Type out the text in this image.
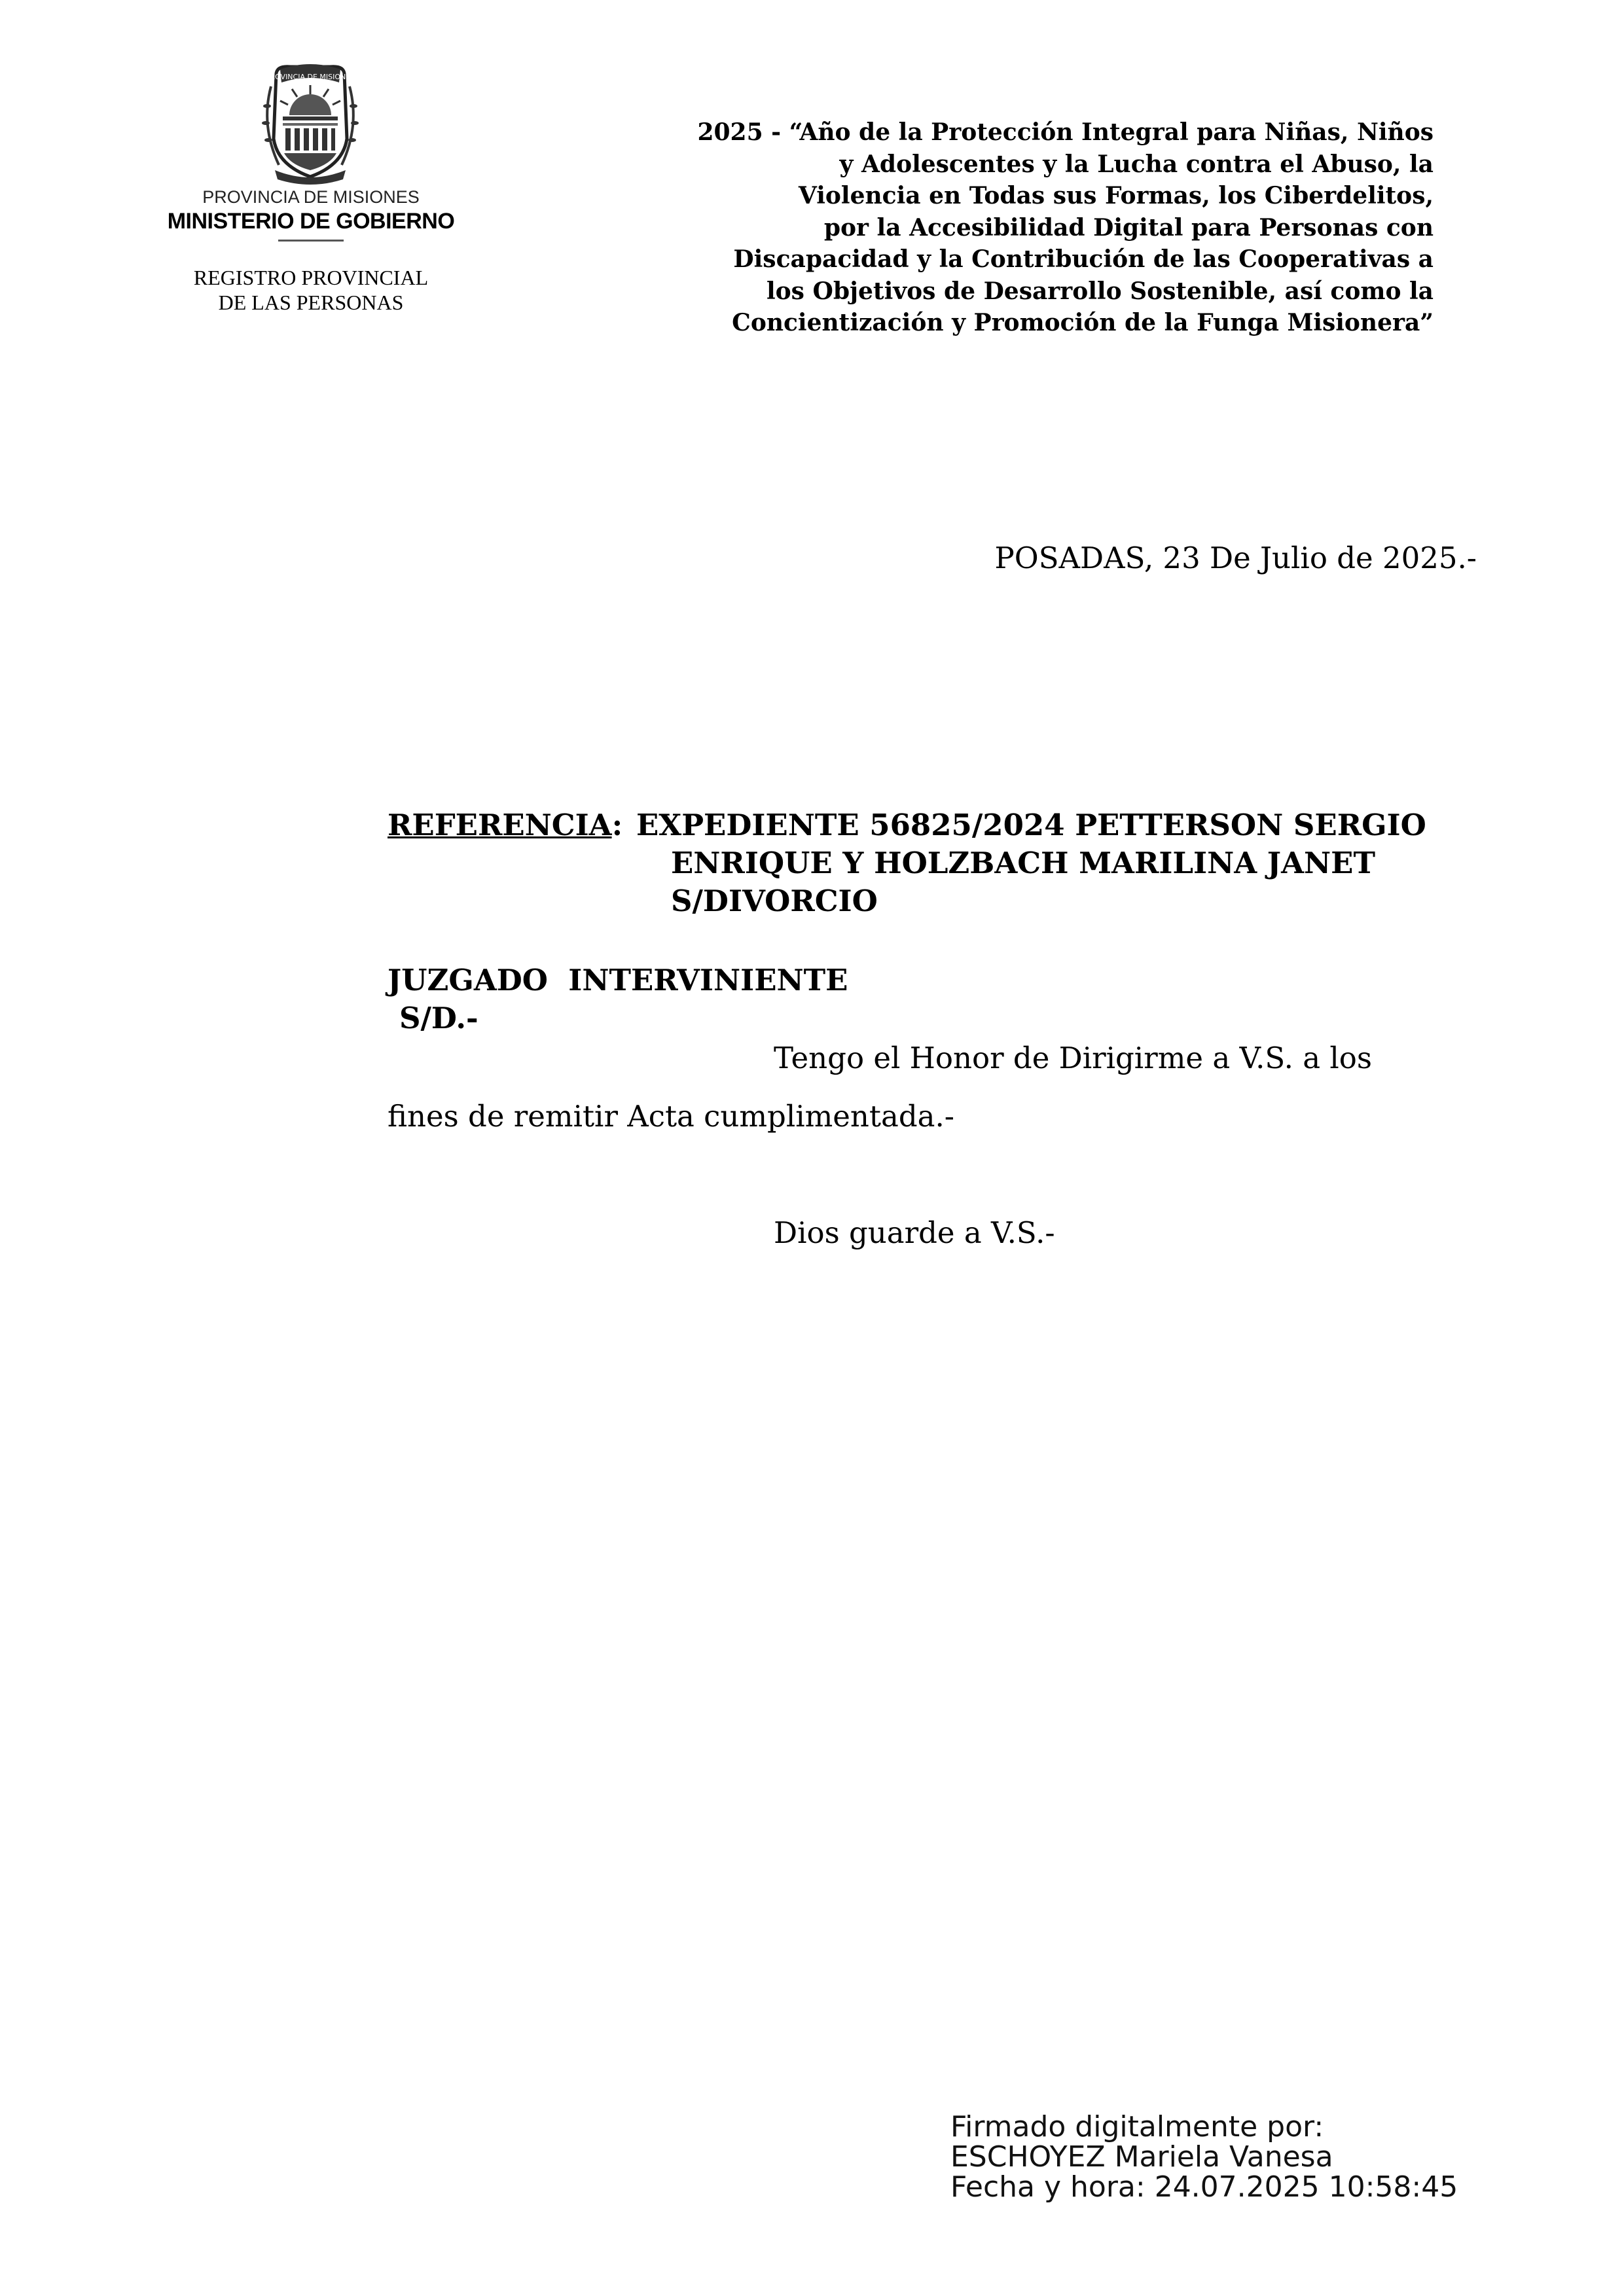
PROVINCIA DE MISIONES
PROVINCIA DE MISIONES
MINISTERIO DE GOBIERNO
REGISTRO PROVINCIAL
DE LAS PERSONAS
2025 - “Año de la Protección Integral para Niñas, Niños
y Adolescentes y la Lucha contra el Abuso, la
Violencia en Todas sus Formas, los Ciberdelitos,
por la Accesibilidad Digital para Personas con
Discapacidad y la Contribución de las Cooperativas a
los Objetivos de Desarrollo Sostenible, así como la
Concientización y Promoción de la Funga Misionera”
POSADAS, 23 De Julio de 2025.-
REFERENCIA: EXPEDIENTE 56825/2024 PETTERSON SERGIO
ENRIQUE Y HOLZBACH MARILINA JANET
S/DIVORCIO
JUZGADO  INTERVINIENTE
S/D.-
Tengo el Honor de Dirigirme a V.S. a los
fines de remitir Acta cumplimentada.-
Dios guarde a V.S.-
Firmado digitalmente por:
ESCHOYEZ Mariela Vanesa
Fecha y hora: 24.07.2025 10:58:45
